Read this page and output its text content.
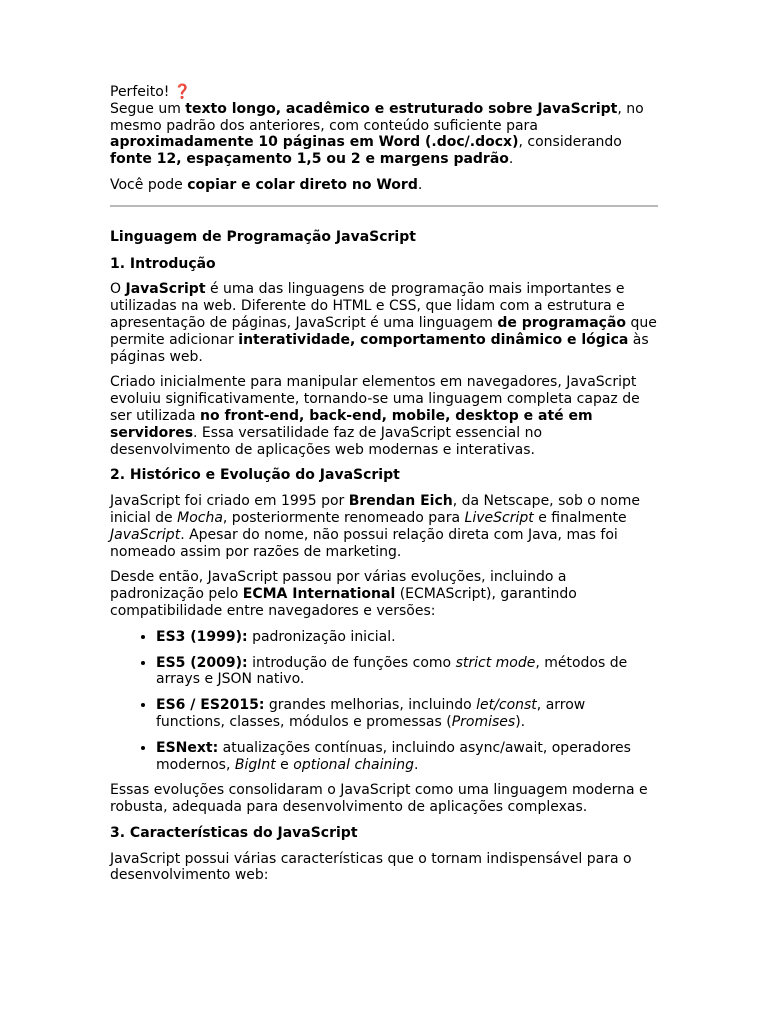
Perfeito! ❓

Segue um texto longo, acadêmico e estruturado sobre JavaScript, no mesmo padrão dos anteriores, com conteúdo suficiente para aproximadamente 10 páginas em Word (.doc/.docx), considerando fonte 12, espaçamento 1,5 ou 2 e margens padrão.

Você pode copiar e colar direto no Word.

Linguagem de Programação JavaScript
1. Introdução

O JavaScript é uma das linguagens de programação mais importantes e utilizadas na web. Diferente do HTML e CSS, que lidam com a estrutura e apresentação de páginas, JavaScript é uma linguagem de programação que permite adicionar interatividade, comportamento dinâmico e lógica às páginas web.

Criado inicialmente para manipular elementos em navegadores, JavaScript evoluiu significativamente, tornando-se uma linguagem completa capaz de ser utilizada no front-end, back-end, mobile, desktop e até em servidores. Essa versatilidade faz de JavaScript essencial no desenvolvimento de aplicações web modernas e interativas.

2. Histórico e Evolução do JavaScript

JavaScript foi criado em 1995 por Brendan Eich, da Netscape, sob o nome inicial de Mocha, posteriormente renomeado para LiveScript e finalmente JavaScript. Apesar do nome, não possui relação direta com Java, mas foi nomeado assim por razões de marketing.

Desde então, JavaScript passou por várias evoluções, incluindo a padronização pelo ECMA International (ECMAScript), garantindo compatibilidade entre navegadores e versões:

• ES3 (1999): padronização inicial.
• ES5 (2009): introdução de funções como strict mode, métodos de arrays e JSON nativo.
• ES6 / ES2015: grandes melhorias, incluindo let/const, arrow functions, classes, módulos e promessas (Promises).
• ESNext: atualizações contínuas, incluindo async/await, operadores modernos, BigInt e optional chaining.

Essas evoluções consolidaram o JavaScript como uma linguagem moderna e robusta, adequada para desenvolvimento de aplicações complexas.

3. Características do JavaScript

JavaScript possui várias características que o tornam indispensável para o desenvolvimento web:
